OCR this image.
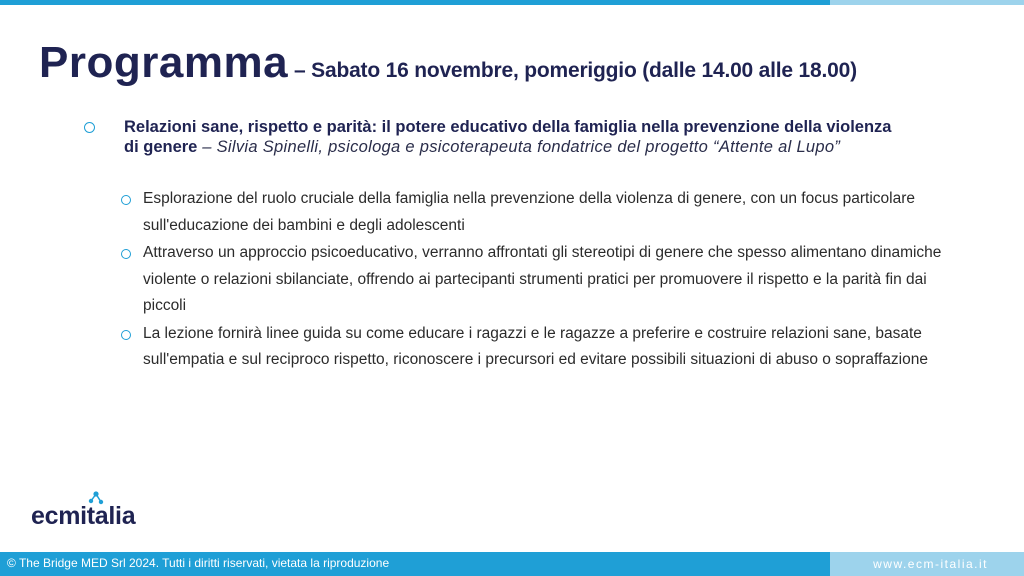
Programma – Sabato 16 novembre, pomeriggio (dalle 14.00 alle 18.00)
Relazioni sane, rispetto e parità: il potere educativo della famiglia nella prevenzione della violenza di genere – Silvia Spinelli, psicologa e psicoterapeuta fondatrice del progetto “Attente al Lupo”
Esplorazione del ruolo cruciale della famiglia nella prevenzione della violenza di genere, con un focus particolare sull'educazione dei bambini e degli adolescenti
Attraverso un approccio psicoeducativo, verranno affrontati gli stereotipi di genere che spesso alimentano dinamiche violente o relazioni sbilanciate, offrendo ai partecipanti strumenti pratici per promuovere il rispetto e la parità fin dai piccoli
La lezione fornirà linee guida su come educare i ragazzi e le ragazze a preferire e costruire relazioni sane, basate sull'empatia e sul reciproco rispetto, riconoscere i precursori ed evitare possibili situazioni di abuso o sopraffazione
ecmitalia
© The Bridge MED Srl 2024. Tutti i diritti riservati, vietata la riproduzione	www.ecm-italia.it
